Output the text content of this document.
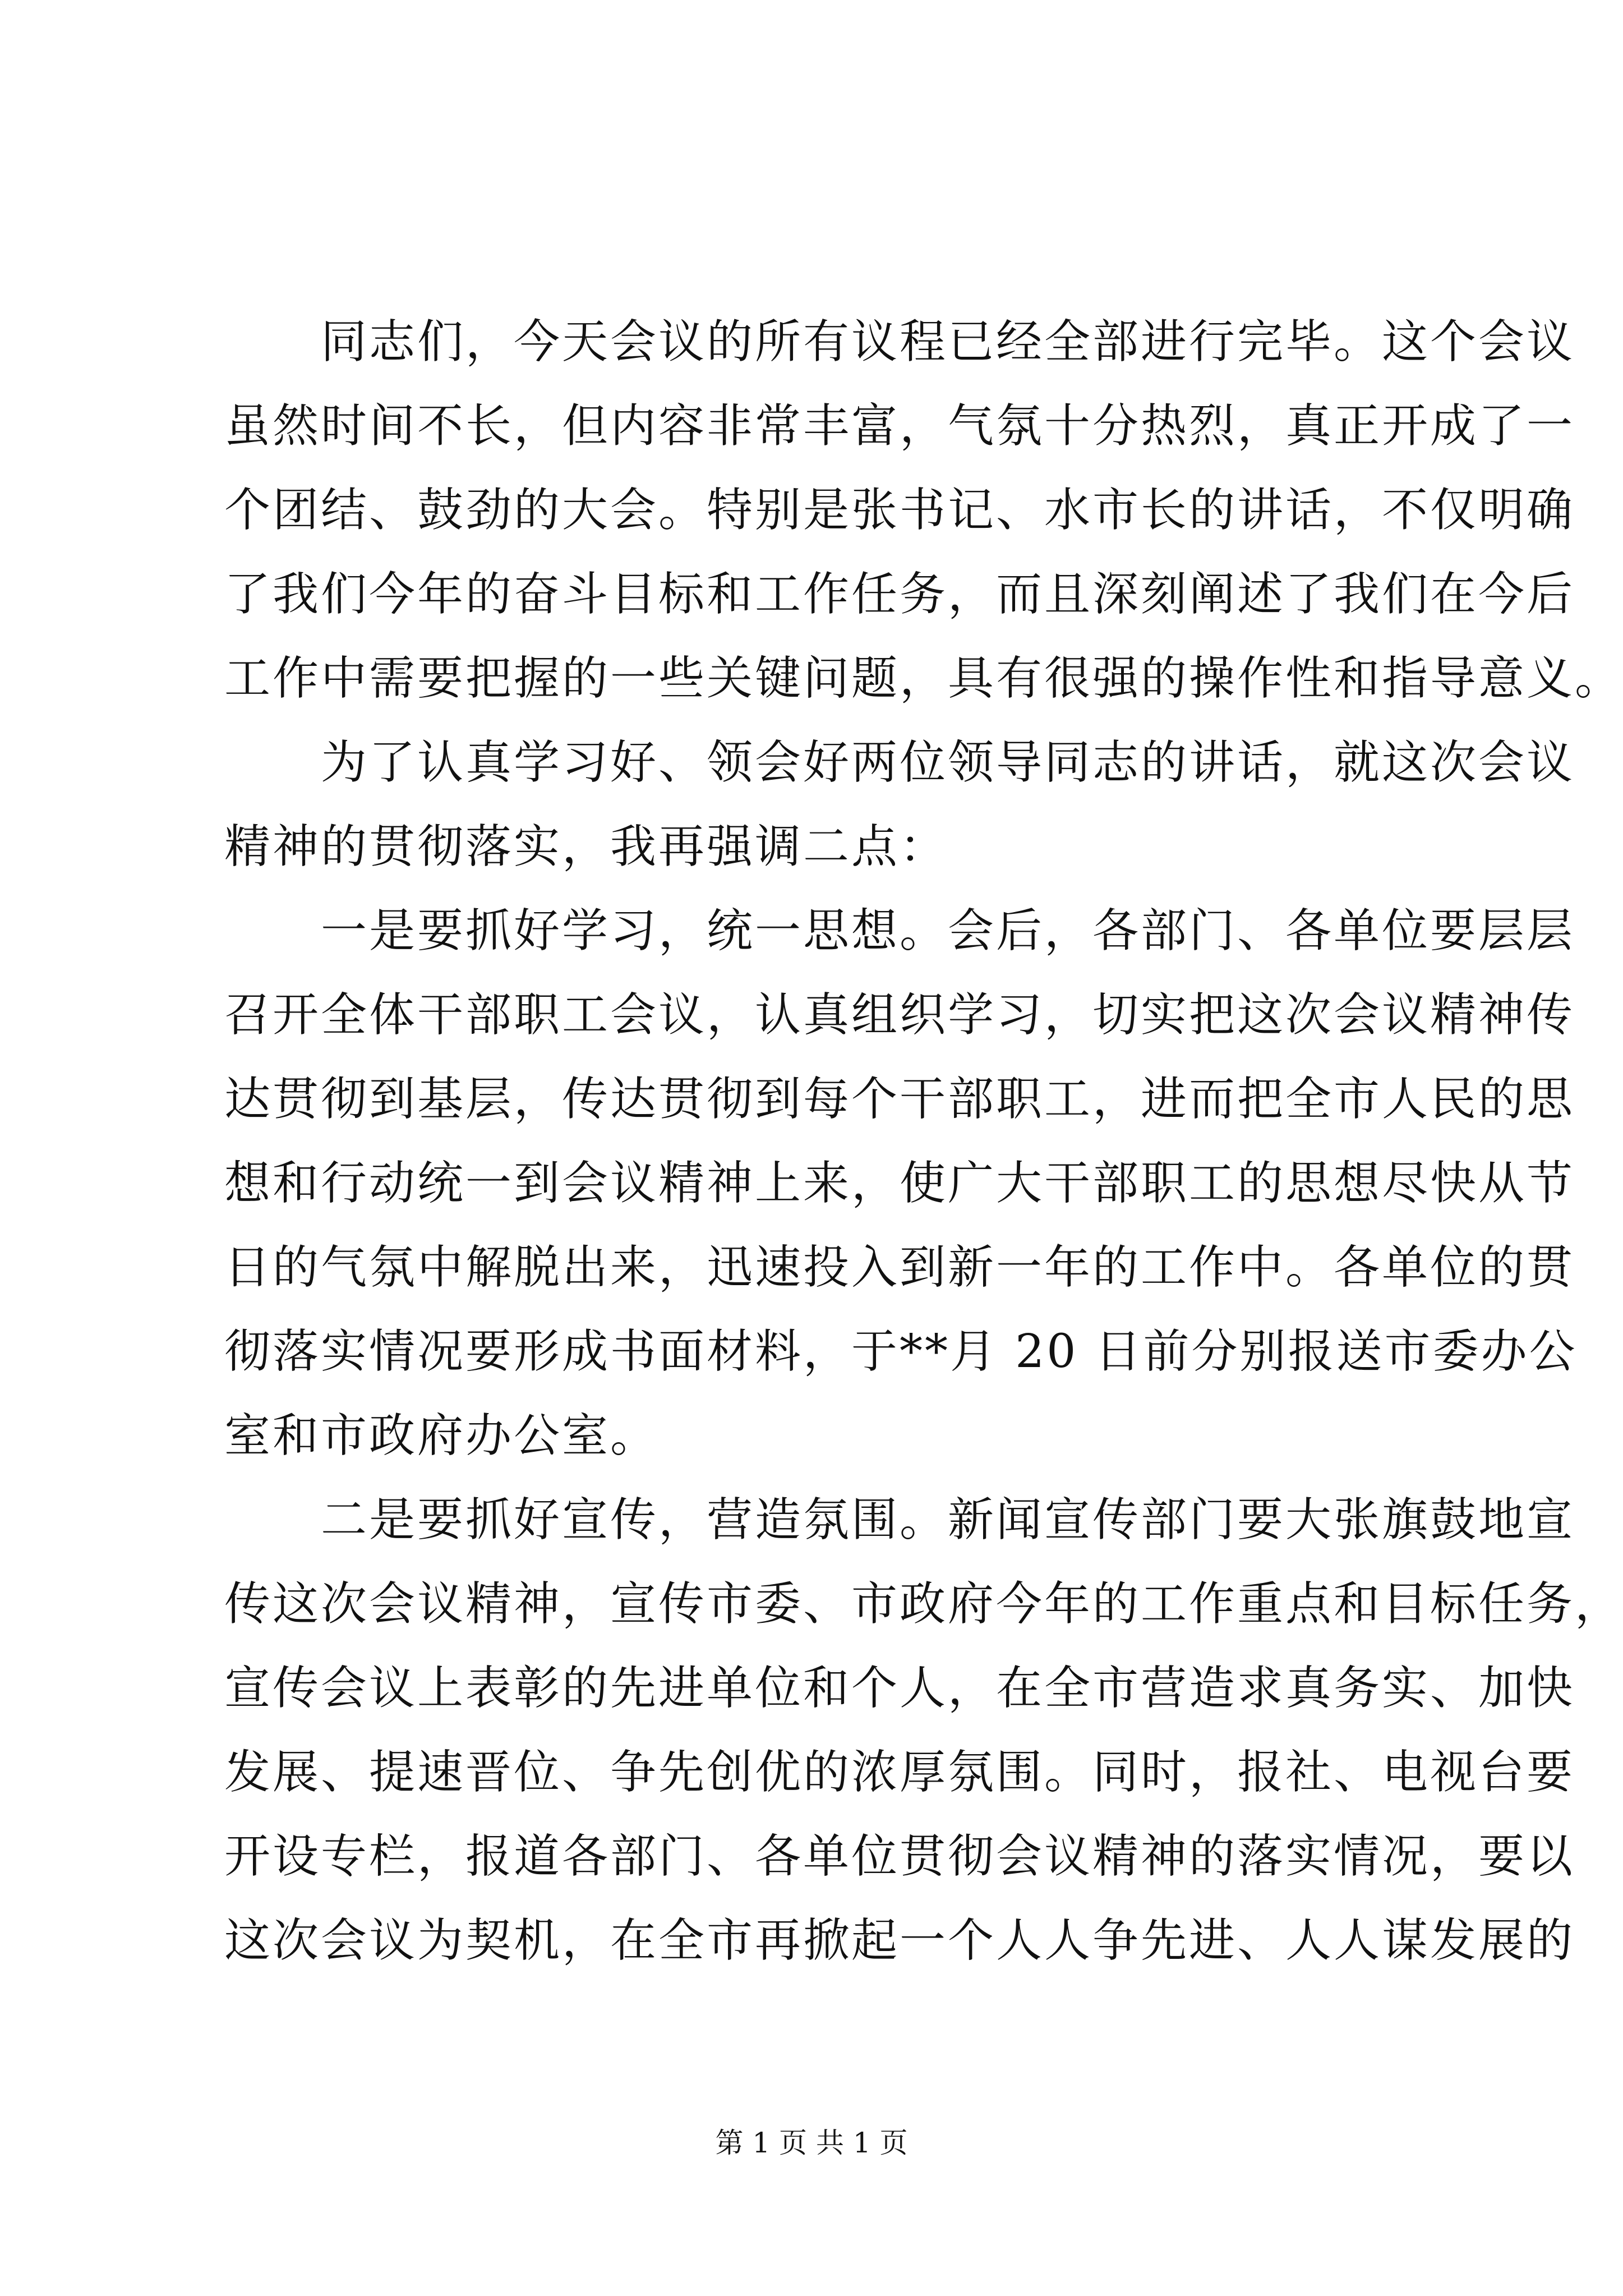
　　同志们，今天会议的所有议程已经全部进行完毕。这个会议
虽然时间不长，但内容非常丰富，气氛十分热烈，真正开成了一
个团结、鼓劲的大会。特别是张书记、水市长的讲话，不仅明确
了我们今年的奋斗目标和工作任务，而且深刻阐述了我们在今后
工作中需要把握的一些关键问题，具有很强的操作性和指导意义。
　　为了认真学习好、领会好两位领导同志的讲话，就这次会议
精神的贯彻落实，我再强调二点：
　　一是要抓好学习，统一思想。会后，各部门、各单位要层层
召开全体干部职工会议，认真组织学习，切实把这次会议精神传
达贯彻到基层，传达贯彻到每个干部职工，进而把全市人民的思
想和行动统一到会议精神上来，使广大干部职工的思想尽快从节
日的气氛中解脱出来，迅速投入到新一年的工作中。各单位的贯
彻落实情况要形成书面材料，于**月 20 日前分别报送市委办公
室和市政府办公室。
　　二是要抓好宣传，营造氛围。新闻宣传部门要大张旗鼓地宣
传这次会议精神，宣传市委、市政府今年的工作重点和目标任务，
宣传会议上表彰的先进单位和个人，在全市营造求真务实、加快
发展、提速晋位、争先创优的浓厚氛围。同时，报社、电视台要
开设专栏，报道各部门、各单位贯彻会议精神的落实情况，要以
这次会议为契机，在全市再掀起一个人人争先进、人人谋发展的
第 1 页 共 1 页
